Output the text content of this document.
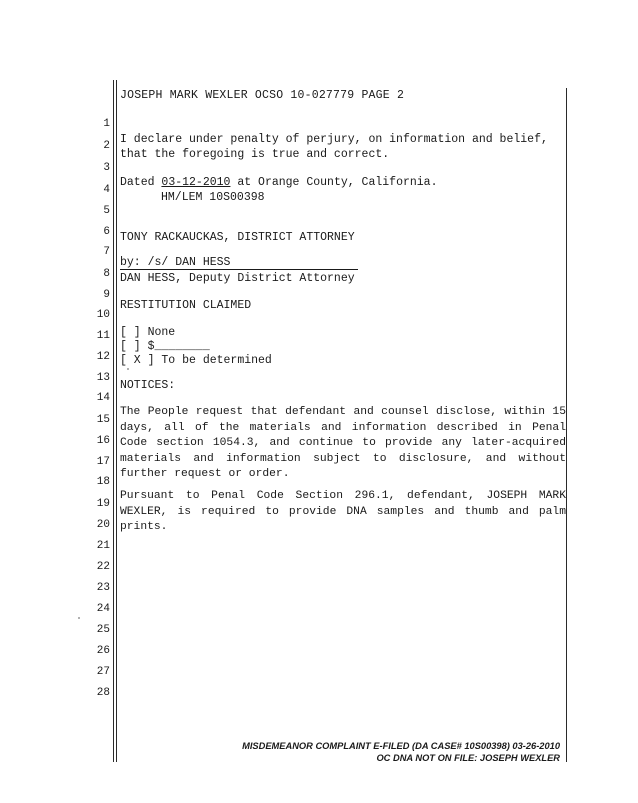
JOSEPH MARK WEXLER OCSO 10-027779 PAGE 2
1
2
3
4
5
6
7
8
9
10
11
12
13
14
15
16
17
18
19
20
21
22
23
24
25
26
27
28
I declare under penalty of perjury, on information and belief,
that the foregoing is true and correct.
Dated 03-12-2010 at Orange County, California.
HM/LEM 10S00398
TONY RACKAUCKAS, DISTRICT ATTORNEY
by: /s/ DAN HESS
DAN HESS, Deputy District Attorney
RESTITUTION CLAIMED
[ ] None
[ ] $________
[ X ] To be determined
NOTICES:
The People request that defendant and counsel disclose, within 15 days, all of the materials and information described in Penal Code section 1054.3, and continue to provide any later-acquired materials and information subject to disclosure, and without further request or order.
Pursuant to Penal Code Section 296.1, defendant, JOSEPH MARK WEXLER, is required to provide DNA samples and thumb and palm prints.
MISDEMEANOR COMPLAINT E-FILED (DA CASE# 10S00398) 03-26-2010
OC DNA NOT ON FILE: JOSEPH WEXLER
